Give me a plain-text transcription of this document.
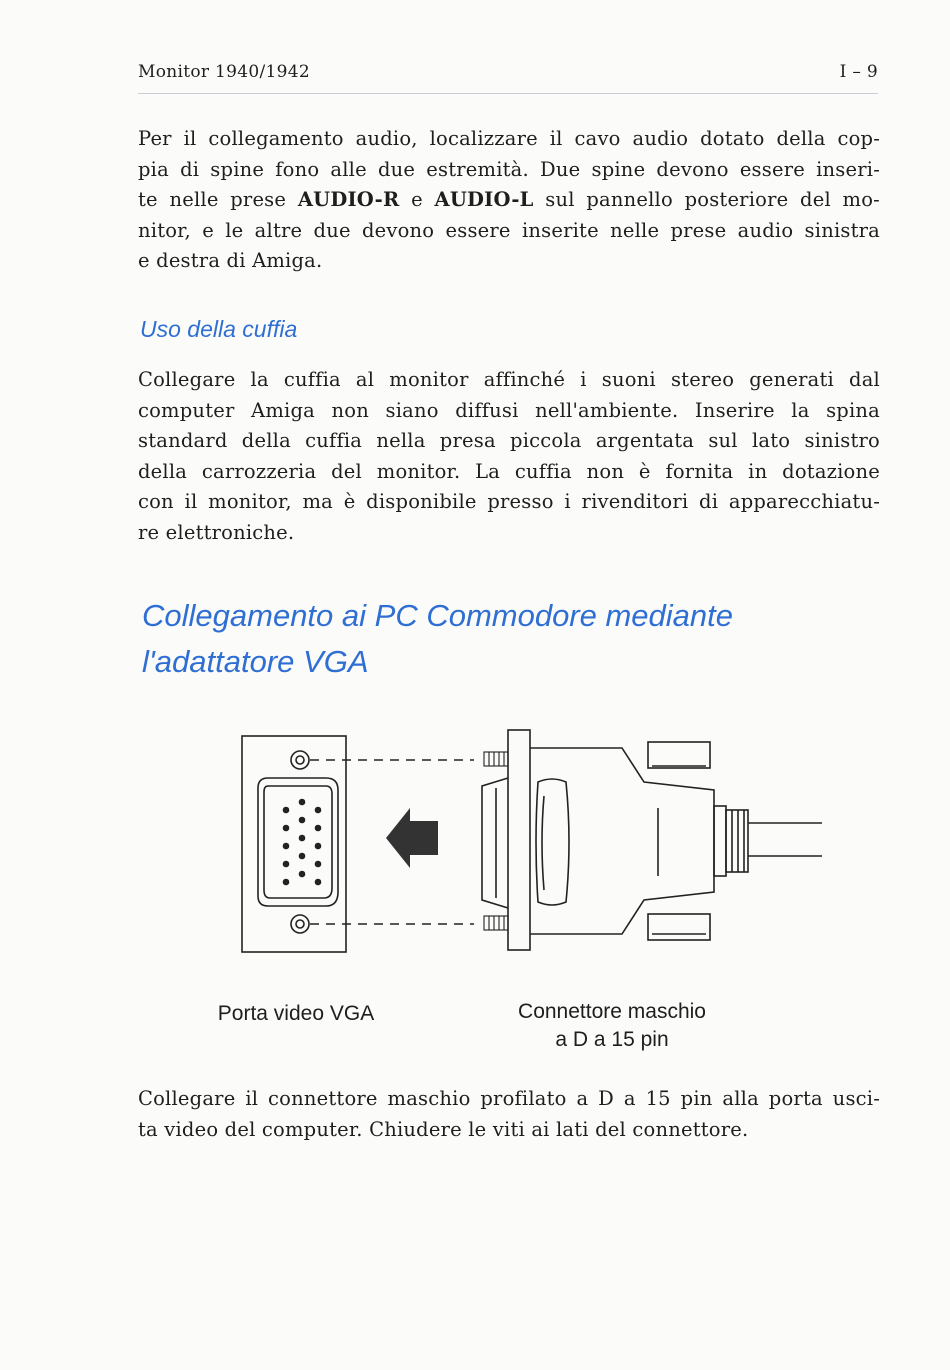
Monitor 1940/1942	I – 9
Per il collegamento audio, localizzare il cavo audio dotato della cop-
pia di spine fono alle due estremità. Due spine devono essere inseri-
te nelle prese AUDIO-R e AUDIO-L sul pannello posteriore del mo-
nitor, e le altre due devono essere inserite nelle prese audio sinistra
e destra di Amiga.
Uso della cuffia
Collegare la cuffia al monitor affinché i suoni stereo generati dal
computer Amiga non siano diffusi nell'ambiente. Inserire la spina
standard della cuffia nella presa piccola argentata sul lato sinistro
della carrozzeria del monitor. La cuffia non è fornita in dotazione
con il monitor, ma è disponibile presso i rivenditori di apparecchiatu-
re elettroniche.
Collegamento ai PC Commodore mediante
l'adattatore VGA
Porta video VGA	Connettore maschio
a D a 15 pin
Collegare il connettore maschio profilato a D a 15 pin alla porta usci-
ta video del computer. Chiudere le viti ai lati del connettore.
